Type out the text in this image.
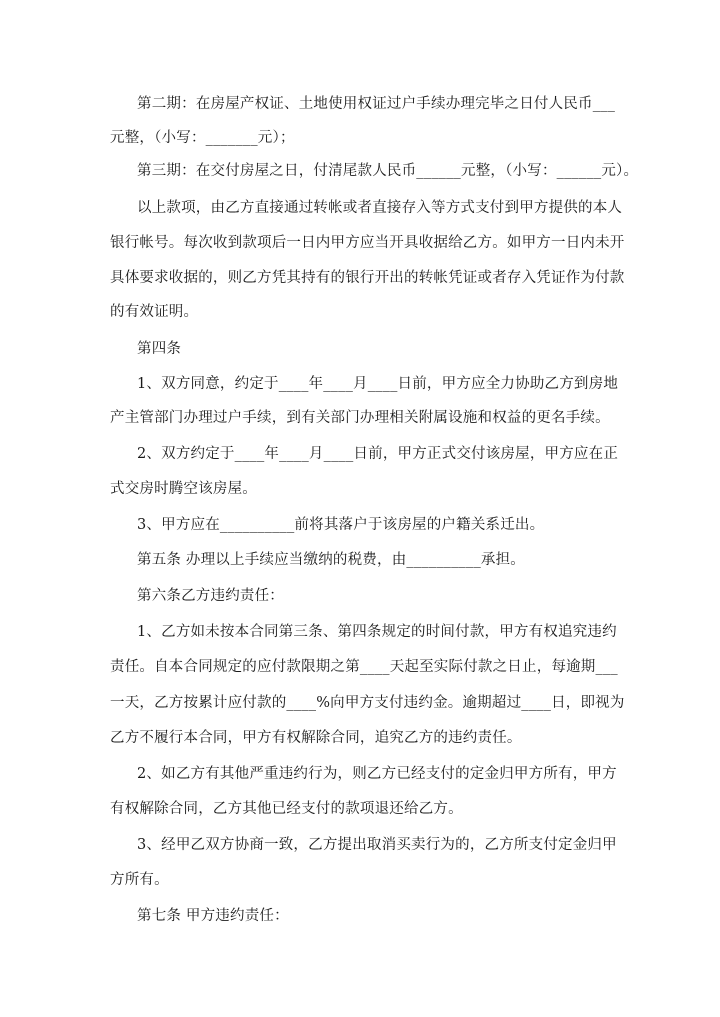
第二期：在房屋产权证、土地使用权证过户手续办理完毕之日付人民币___
元整，（小写：_______元）；
第三期：在交付房屋之日，付清尾款人民币______元整，（小写：______元）。
以上款项，由乙方直接通过转帐或者直接存入等方式支付到甲方提供的本人
银行帐号。每次收到款项后一日内甲方应当开具收据给乙方。如甲方一日内未开
具体要求收据的，则乙方凭其持有的银行开出的转帐凭证或者存入凭证作为付款
的有效证明。
第四条
1、双方同意，约定于____年____月____日前，甲方应全力协助乙方到房地
产主管部门办理过户手续，到有关部门办理相关附属设施和权益的更名手续。
2、双方约定于____年____月____日前，甲方正式交付该房屋，甲方应在正
式交房时腾空该房屋。
3、甲方应在__________前将其落户于该房屋的户籍关系迁出。
第五条 办理以上手续应当缴纳的税费，由__________承担。
第六条乙方违约责任：
1、乙方如未按本合同第三条、第四条规定的时间付款，甲方有权追究违约
责任。自本合同规定的应付款限期之第____天起至实际付款之日止，每逾期___
一天，乙方按累计应付款的____%向甲方支付违约金。逾期超过____日，即视为
乙方不履行本合同，甲方有权解除合同，追究乙方的违约责任。
2、如乙方有其他严重违约行为，则乙方已经支付的定金归甲方所有，甲方
有权解除合同，乙方其他已经支付的款项退还给乙方。
3、经甲乙双方协商一致，乙方提出取消买卖行为的，乙方所支付定金归甲
方所有。
第七条 甲方违约责任：
